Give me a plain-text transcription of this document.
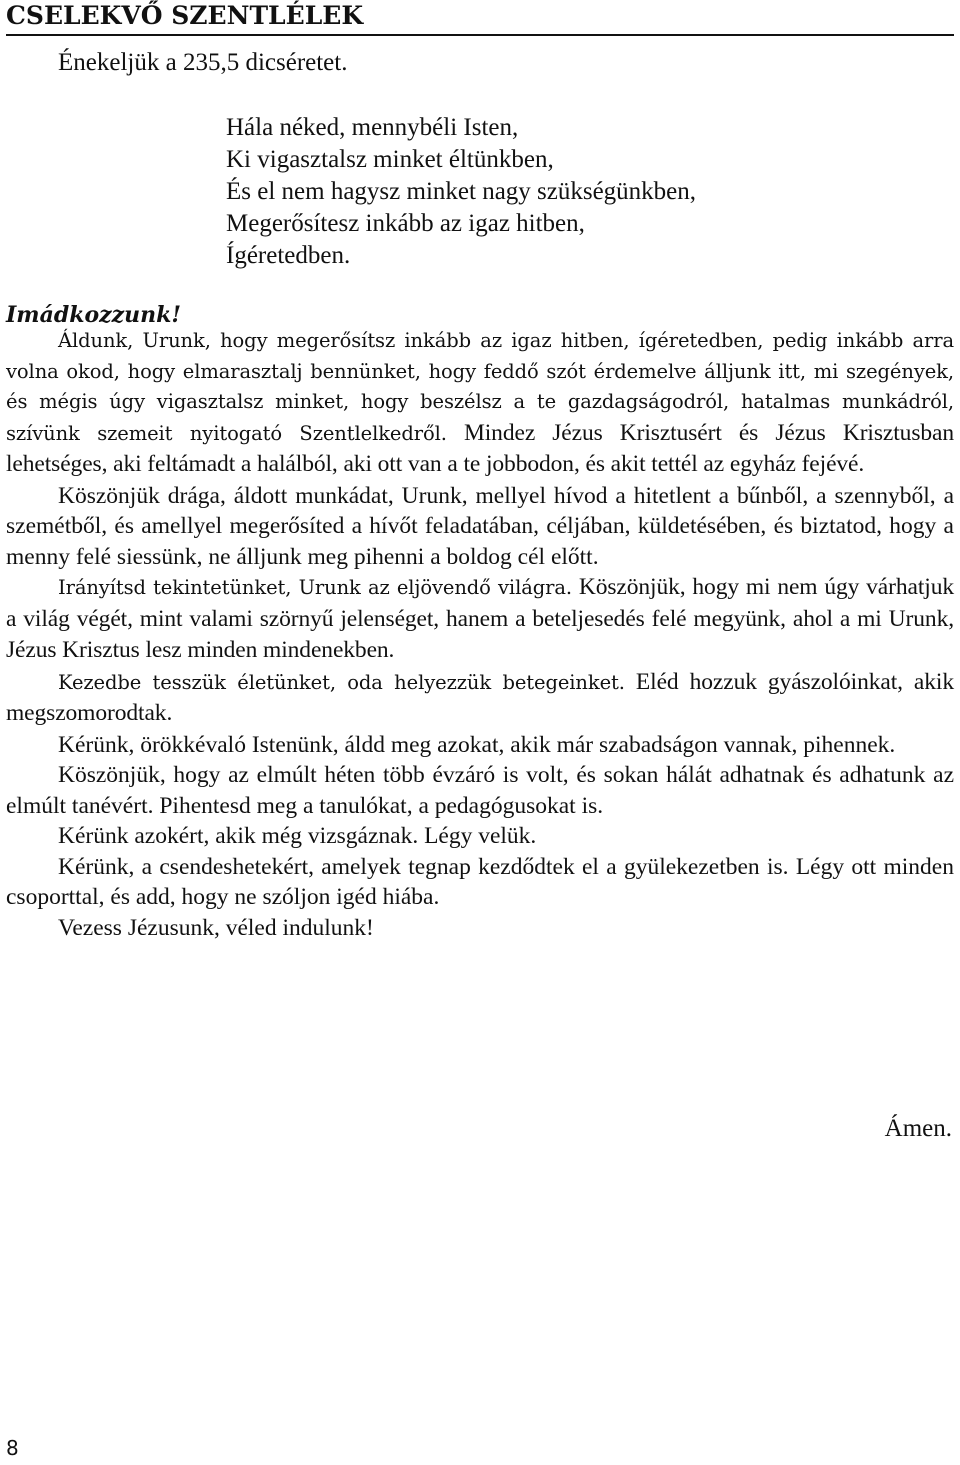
CSELEKVŐ SZENTLÉLEK

Énekeljük a 235,5 dicséretet.

Hála néked, mennybéli Isten,
Ki vigasztalsz minket éltünkben,
És el nem hagysz minket nagy szükségünkben,
Megerősítesz inkább az igaz hitben,
Ígéretedben.
Imádkozzunk!

Áldunk, Urunk, hogy megerősítsz inkább az igaz hitben, ígéretedben, pedig inkább arra volna okod, hogy elmarasztalj bennünket, hogy feddő szót érdemelve álljunk itt, mi szegények, és mégis úgy vigasztalsz minket, hogy beszélsz a te gazdagságodról, hatalmas munkádról, szívünk szemeit nyitogató Szentlelkedről. Mindez Jézus Krisztusért és Jézus Krisztusban lehetséges, aki feltámadt a halálból, aki ott van a te jobbodon, és akit tettél az egyház fejévé.

Köszönjük drága, áldott munkádat, Urunk, mellyel hívod a hitetlent a bűnből, a szennyből, a szemétből, és amellyel megerősíted a hívőt feladatában, céljában, küldetésében, és biztatod, hogy a menny felé siessünk, ne álljunk meg pihenni a boldog cél előtt.

Irányítsd tekintetünket, Urunk az eljövendő világra. Köszönjük, hogy mi nem úgy várhatjuk a világ végét, mint valami szörnyű jelenséget, hanem a beteljesedés felé megyünk, ahol a mi Urunk, Jézus Krisztus lesz minden mindenekben.

Kezedbe tesszük életünket, oda helyezzük betegeinket. Eléd hozzuk gyászolóinkat, akik megszomorodtak.

Kérünk, örökkévaló Istenünk, áldd meg azokat, akik már szabadságon vannak, pihennek.

Köszönjük, hogy az elmúlt héten több évzáró is volt, és sokan hálát adhatnak és adhatunk az elmúlt tanévért. Pihentesd meg a tanulókat, a pedagógusokat is.

Kérünk azokért, akik még vizsgáznak. Légy velük.

Kérünk, a csendeshetekért, amelyek tegnap kezdődtek el a gyülekezetben is. Légy ott minden csoporttal, és add, hogy ne szóljon igéd hiába.

Vezess Jézusunk, véled indulunk!

Ámen.

8
